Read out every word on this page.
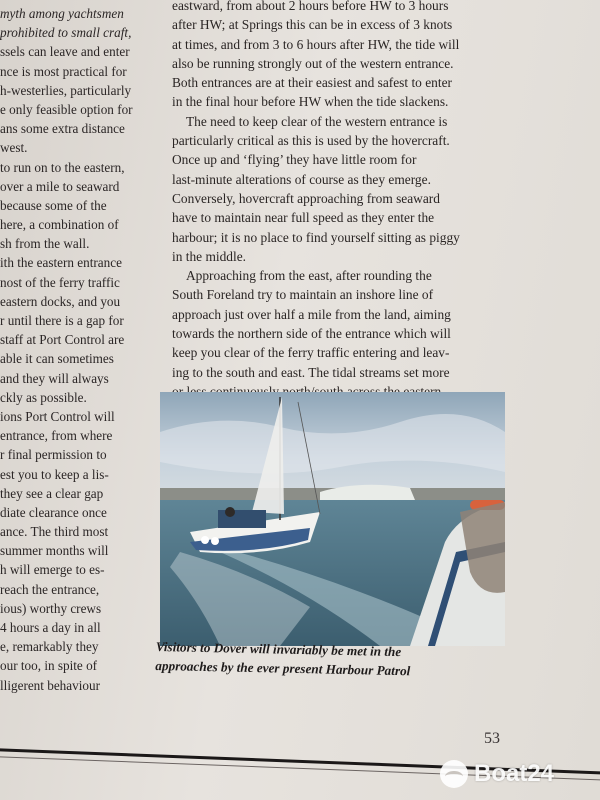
myth among yachtsmen
prohibited to small craft,
ssels can leave and enter
nce is most practical for
h-westerlies, particularly
e only feasible option for
ans some extra distance
west.
to run on to the eastern,
over a mile to seaward
because some of the
here, a combination of
sh from the wall.
ith the eastern entrance
nost of the ferry traffic
eastern docks, and you
r until there is a gap for
staff at Port Control are
able it can sometimes
and they will always
ckly as possible.
ions Port Control will
entrance, from where
r final permission to
est you to keep a lis-
they see a clear gap
diate clearance once
ance. The third most
summer months will
h will emerge to es-
reach the entrance,
ious) worthy crews
4 hours a day in all
e, remarkably they
our too, in spite of
lligerent behaviour
eastward, from about 2 hours before HW to 3 hours
after HW; at Springs this can be in excess of 3 knots
at times, and from 3 to 6 hours after HW, the tide will
also be running strongly out of the western entrance.
Both entrances are at their easiest and safest to enter
in the final hour before HW when the tide slackens.
The need to keep clear of the western entrance is
particularly critical as this is used by the hovercraft.
Once up and ‘flying’ they have little room for
last-minute alterations of course as they emerge.
Conversely, hovercraft approaching from seaward
have to maintain near full speed as they enter the
harbour; it is no place to find yourself sitting as piggy
in the middle.
Approaching from the east, after rounding the
South Foreland try to maintain an inshore line of
approach just over half a mile from the land, aiming
towards the northern side of the entrance which will
keep you clear of the ferry traffic entering and leav-
ing to the south and east. The tidal streams set more
Visitors to Dover will invariably be met in the
approaches by the ever present Harbour Patrol
53
Boat24
